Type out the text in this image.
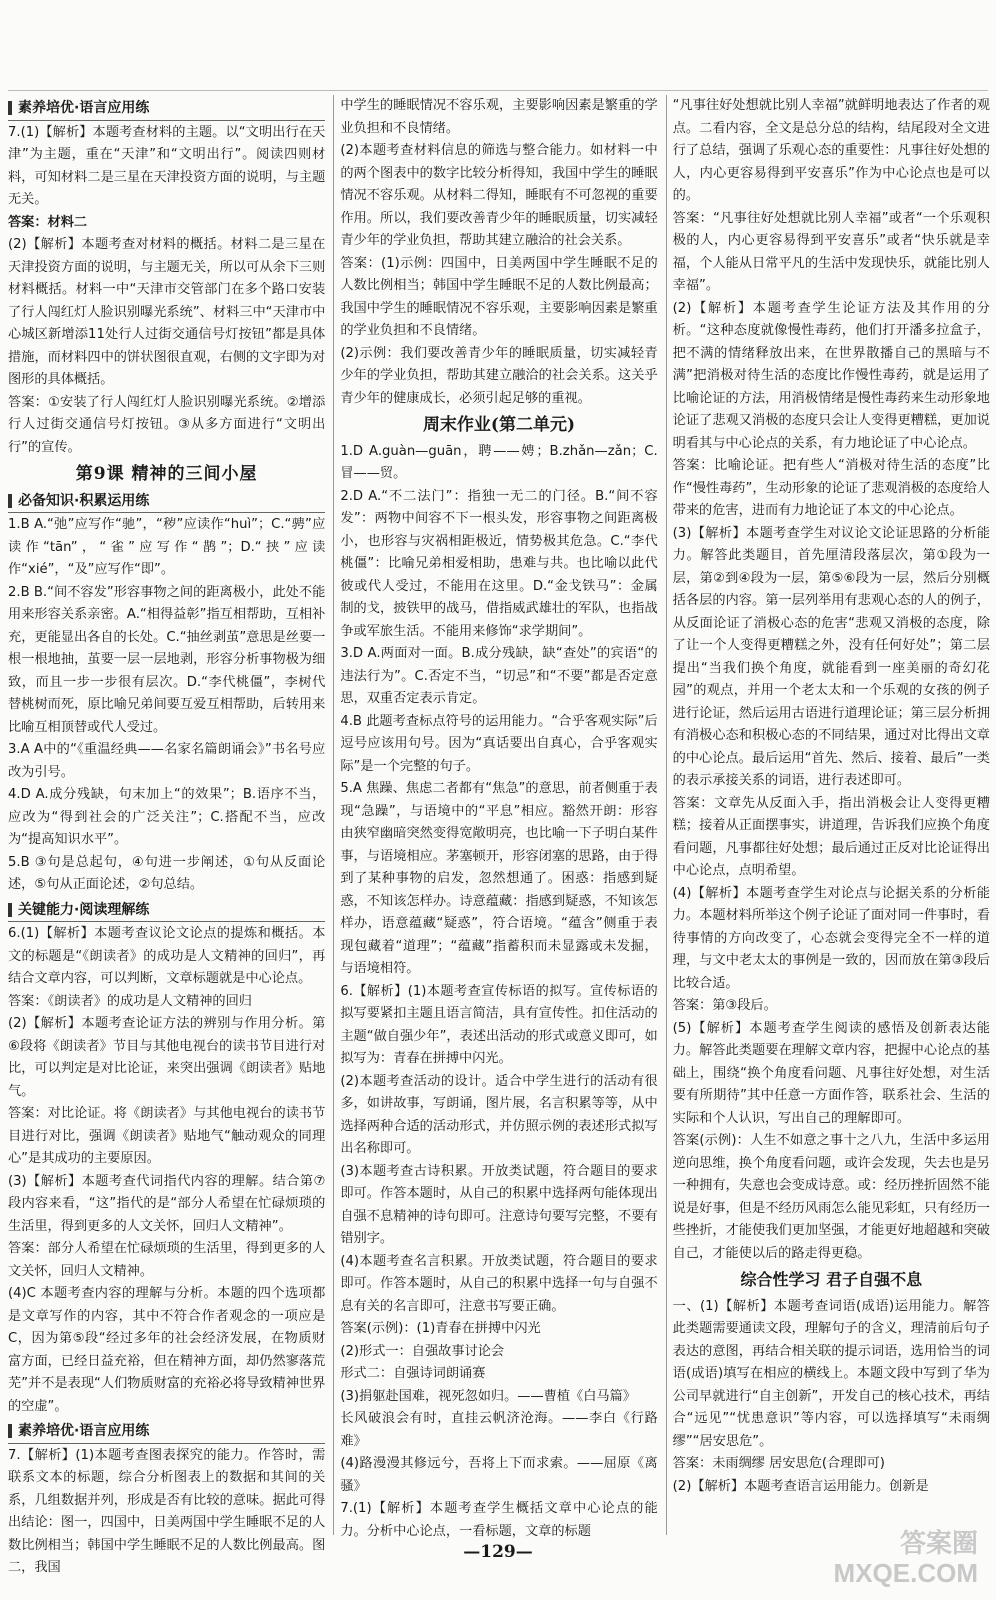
素养培优·语言应用练

7.(1)【解析】本题考查材料的主题。以“文明出行在天津”为主题，重在“天津”和“文明出行”。阅读四则材料，可知材料二是三星在天津投资方面的说明，与主题无关。

答案：材料二

(2)【解析】本题考查对材料的概括。材料二是三星在天津投资方面的说明，与主题无关，所以可从余下三则材料概括。材料一中“天津市交管部门在多个路口安装了行人闯红灯人脸识别曝光系统”、材料三中“天津市中心城区新增添11处行人过街交通信号灯按钮”都是具体措施，而材料四中的饼状图很直观，右侧的文字即为对图形的具体概括。

答案：①安装了行人闯红灯人脸识别曝光系统。②增添行人过街交通信号灯按钮。③从多方面进行“文明出行”的宣传。

第9课 精神的三间小屋
必备知识·积累运用练

1.B A.“弛”应写作“驰”，“秽”应读作“huì”；C.“骋”应读作“tān”，“雀”应写作“鹊”；D.“挟”应读作“xié”，“及”应写作“即”。

2.B B.“间不容发”形容事物之间的距离极小，此处不能用来形容关系亲密。A.“相得益彰”指互相帮助，互相补充，更能显出各自的长处。C.“抽丝剥茧”意思是丝要一根一根地抽，茧要一层一层地剥，形容分析事物极为细致，而且一步一步很有层次。D.“李代桃僵”，李树代替桃树而死，原比喻兄弟间要互爱互相帮助，后转用来比喻互相顶替或代人受过。

3.A A中的“《重温经典——名家名篇朗诵会》”书名号应改为引号。

4.D A.成分残缺，句末加上“的效果”；B.语序不当，应改为“得到社会的广泛关注”；C.搭配不当，应改为“提高知识水平”。

5.B ③句是总起句，④句进一步阐述，①句从反面论述，⑤句从正面论述，②句总结。

关键能力·阅读理解练

6.(1)【解析】本题考查议论文论点的提炼和概括。本文的标题是“《朗读者》的成功是人文精神的回归”，再结合文章内容，可以判断，文章标题就是中心论点。

答案：《朗读者》的成功是人文精神的回归

(2)【解析】本题考查论证方法的辨别与作用分析。第⑥段将《朗读者》节目与其他电视台的读书节目进行对比，可以判定是对比论证，来突出强调《朗读者》贴地气。

答案：对比论证。将《朗读者》与其他电视台的读书节目进行对比，强调《朗读者》贴地气“触动观众的同理心”是其成功的主要原因。

(3)【解析】本题考查代词指代内容的理解。结合第⑦段内容来看，“这”指代的是“部分人希望在忙碌烦琐的生活里，得到更多的人文关怀，回归人文精神”。

答案：部分人希望在忙碌烦琐的生活里，得到更多的人文关怀，回归人文精神。

(4)C 本题考查内容的理解与分析。本题的四个选项都是文章写作的内容，其中不符合作者观念的一项应是C，因为第⑤段“经过多年的社会经济发展，在物质财富方面，已经日益充裕，但在精神方面，却仍然寥落荒芜”并不是表现“人们物质财富的充裕必将导致精神世界的空虚”。

素养培优·语言应用练

7.【解析】(1)本题考查图表探究的能力。作答时，需联系文本的标题，综合分析图表上的数据和其间的关系，几组数据并列，形成是否有比较的意味。据此可得出结论：图一，四国中，日美两国中学生睡眠不足的人数比例相当；韩国中学生睡眠不足的人数比例最高。图二，我国

中学生的睡眠情况不容乐观，主要影响因素是繁重的学业负担和不良情绪。

(2)本题考查材料信息的筛选与整合能力。如材料一中的两个图表中的数字比较分析得知，我国中学生的睡眠情况不容乐观。从材料二得知，睡眠有不可忽视的重要作用。所以，我们要改善青少年的睡眠质量，切实减轻青少年的学业负担，帮助其建立融洽的社会关系。

答案：(1)示例：四国中，日美两国中学生睡眠不足的人数比例相当；韩国中学生睡眠不足的人数比例最高；我国中学生的睡眠情况不容乐观，主要影响因素是繁重的学业负担和不良情绪。

(2)示例：我们要改善青少年的睡眠质量，切实减轻青少年的学业负担，帮助其建立融洽的社会关系。这关乎青少年的健康成长，必须引起足够的重视。

周末作业(第二单元)

1.D A.guàn—guān，聘——娉；B.zhǎn—zǎn；C.冒——贸。

2.D A.“不二法门”：指独一无二的门径。B.“间不容发”：两物中间容不下一根头发，形容事物之间距离极小，也形容与灾祸相距极近，情势极其危急。C.“李代桃僵”：比喻兄弟相爱相助，患难与共。也比喻以此代彼或代人受过，不能用在这里。D.“金戈铁马”：金属制的戈，披铁甲的战马，借指威武雄壮的军队，也指战争或军旅生活。不能用来修饰“求学期间”。

3.D A.两面对一面。B.成分残缺，缺“查处”的宾语“的违法行为”。C.否定不当，“切忌”和“不要”都是否定意思，双重否定表示肯定。

4.B 此题考查标点符号的运用能力。“合乎客观实际”后逗号应该用句号。因为“真话要出自真心，合乎客观实际”是一个完整的句子。

5.A 焦躁、焦虑二者都有“焦急”的意思，前者侧重于表现“急躁”，与语境中的“平息”相应。豁然开朗：形容由狭窄幽暗突然变得宽敞明亮，也比喻一下子明白某件事，与语境相应。茅塞顿开，形容闭塞的思路，由于得到了某种事物的启发，忽然想通了。困惑：指感到疑惑，不知该怎样办。诗意蕴藏：指感到疑惑，不知该怎样办，语意蕴藏“疑惑”，符合语境。“蕴含”侧重于表现包藏着“道理”；“蕴藏”指蓄积而未显露或未发掘，与语境相符。

6.【解析】(1)本题考查宣传标语的拟写。宣传标语的拟写要紧扣主题且语言简洁，具有宣传性。扣住活动的主题“做自强少年”，表述出活动的形式或意义即可，如拟写为：青春在拼搏中闪光。

(2)本题考查活动的设计。适合中学生进行的活动有很多，如讲故事，写朗诵，图片展，名言积累等等，从中选择两种合适的活动形式，并仿照示例的表述形式拟写出名称即可。

(3)本题考查古诗积累。开放类试题，符合题目的要求即可。作答本题时，从自己的积累中选择两句能体现出自强不息精神的诗句即可。注意诗句要写完整，不要有错别字。

(4)本题考查名言积累。开放类试题，符合题目的要求即可。作答本题时，从自己的积累中选择一句与自强不息有关的名言即可，注意书写要正确。

答案(示例)：(1)青春在拼搏中闪光

(2)形式一：自强故事讨论会

形式二：自强诗词朗诵赛

(3)捐躯赴国难，视死忽如归。——曹植《白马篇》

长风破浪会有时，直挂云帆济沧海。——李白《行路难》

(4)路漫漫其修远兮，吾将上下而求索。——屈原《离骚》

7.(1)【解析】本题考查学生概括文章中心论点的能力。分析中心论点，一看标题，文章的标题

“凡事往好处想就比别人幸福”就鲜明地表达了作者的观点。二看内容，全文是总分总的结构，结尾段对全文进行了总结，强调了乐观心态的重要性：凡事往好处想的人，内心更容易得到平安喜乐”作为中心论点也是可以的。

答案：“凡事往好处想就比别人幸福”或者“一个乐观积极的人，内心更容易得到平安喜乐”或者“快乐就是幸福，个人能从日常平凡的生活中发现快乐，就能比别人幸福”。

(2)【解析】本题考查学生论证方法及其作用的分析。“这种态度就像慢性毒药，他们打开潘多拉盒子，把不满的情绪释放出来，在世界散播自己的黑暗与不满”把消极对待生活的态度比作慢性毒药，就是运用了比喻论证的方法，用消极情绪是慢性毒药来生动形象地论证了悲观又消极的态度只会让人变得更糟糕，更加说明看其与中心论点的关系，有力地论证了中心论点。

答案：比喻论证。把有些人“消极对待生活的态度”比作“慢性毒药”，生动形象的论证了悲观消极的态度给人带来的危害，进而有力地论证了本文的中心论点。

(3)【解析】本题考查学生对议论文论证思路的分析能力。解答此类题目，首先厘清段落层次，第①段为一层，第②到④段为一层，第⑤⑥段为一层，然后分别概括各层的内容。第一层列举用有悲观心态的人的例子，从反面论证了消极心态的危害“悲观又消极的态度，除了让一个人变得更糟糕之外，没有任何好处”；第二层提出“当我们换个角度，就能看到一座美丽的奇幻花园”的观点，并用一个老太太和一个乐观的女孩的例子进行论证，然后运用古语进行道理论证；第三层分析拥有消极心态和积极心态的不同结果，通过对比得出文章的中心论点。最后运用“首先、然后、接着、最后”一类的表示承接关系的词语，进行表述即可。

答案：文章先从反面入手，指出消极会让人变得更糟糕；接着从正面摆事实，讲道理，告诉我们应换个角度看问题，凡事都往好处想；最后通过正反对比论证得出中心论点，点明希望。

(4)【解析】本题考查学生对论点与论据关系的分析能力。本题材料所举这个例子论证了面对同一件事时，看待事情的方向改变了，心态就会变得完全不一样的道理，与文中老太太的事例是一致的，因而放在第③段后比较合适。

答案：第③段后。

(5)【解析】本题考查学生阅读的感悟及创新表达能力。解答此类题要在理解文章内容，把握中心论点的基础上，围绕“换个角度看问题、凡事往好处想，对生活要有所期待”其中任意一方面作答，联系社会、生活的实际和个人认识，写出自己的理解即可。

答案(示例)：人生不如意之事十之八九，生活中多运用逆向思维，换个角度看问题，或许会发现，失去也是另一种拥有，失意也会变成诗意。或：经历挫折固然不能说是好事，但是不经历风雨怎么能见彩虹，只有经历一些挫折，才能使我们更加坚强，才能更好地超越和突破自己，才能使以后的路走得更稳。

综合性学习 君子自强不息

一、(1)【解析】本题考查词语(成语)运用能力。解答此类题需要通读文段，理解句子的含义，理清前后句子表达的意图，再结合相关联的提示词语，选用恰当的词语(成语)填写在相应的横线上。本题文段中写到了华为公司早就进行“自主创新”，开发自己的核心技术，再结合“远见”“忧患意识”等内容，可以选择填写“未雨绸缪”“居安思危”。

答案：未雨绸缪 居安思危(合理即可)

(2)【解析】本题考查语言运用能力。创新是

—129—	答案圈
MXQE.COM
